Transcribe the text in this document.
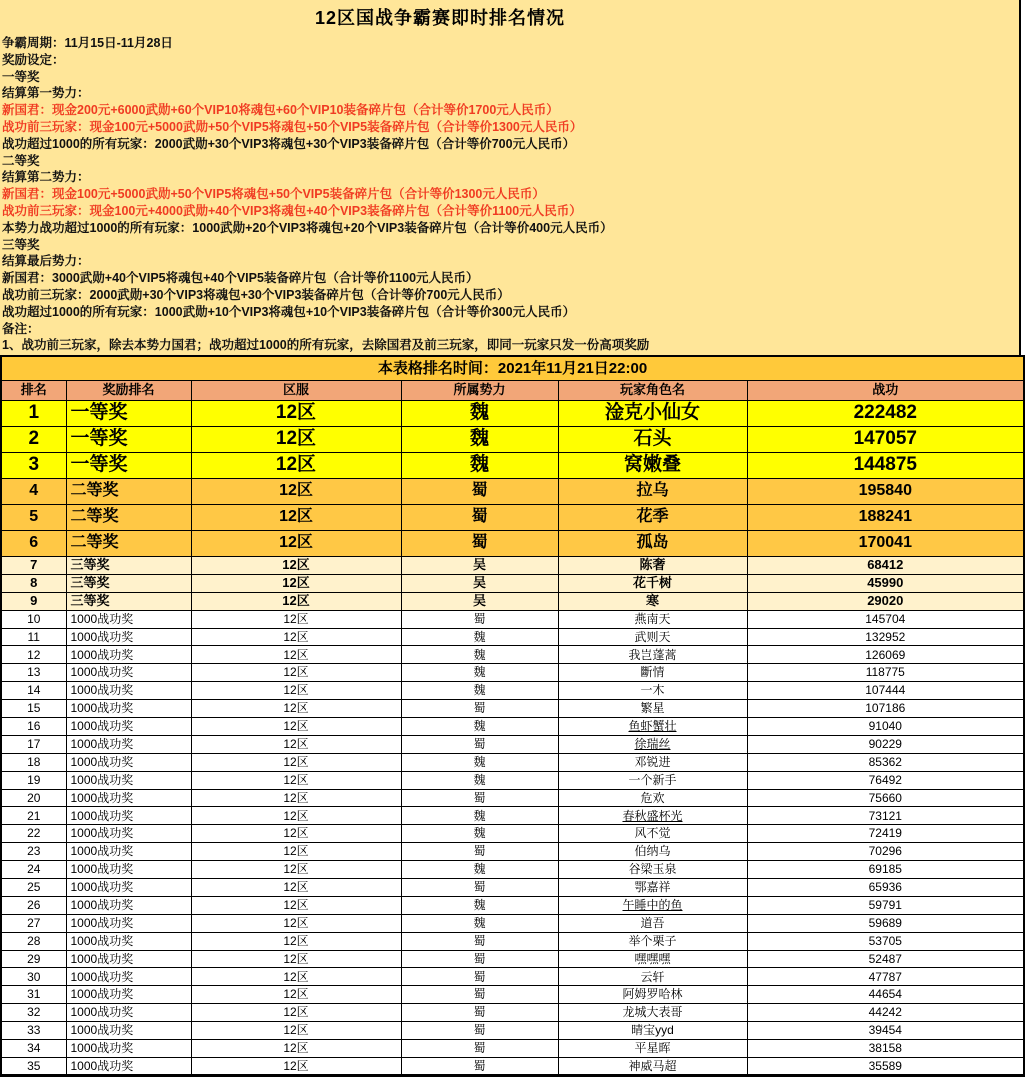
12区国战争霸赛即时排名情况
争霸周期：11月15日-11月28日
奖励设定：
一等奖
结算第一势力：
新国君：现金200元+6000武勋+60个VIP10将魂包+60个VIP10装备碎片包（合计等价1700元人民币）
战功前三玩家：现金100元+5000武勋+50个VIP5将魂包+50个VIP5装备碎片包（合计等价1300元人民币）
战功超过1000的所有玩家：2000武勋+30个VIP3将魂包+30个VIP3装备碎片包（合计等价700元人民币）
二等奖
结算第二势力：
新国君：现金100元+5000武勋+50个VIP5将魂包+50个VIP5装备碎片包（合计等价1300元人民币）
战功前三玩家：现金100元+4000武勋+40个VIP3将魂包+40个VIP3装备碎片包（合计等价1100元人民币）
本势力战功超过1000的所有玩家：1000武勋+20个VIP3将魂包+20个VIP3装备碎片包（合计等价400元人民币）
三等奖
结算最后势力：
新国君：3000武勋+40个VIP5将魂包+40个VIP5装备碎片包（合计等价1100元人民币）
战功前三玩家：2000武勋+30个VIP3将魂包+30个VIP3装备碎片包（合计等价700元人民币）
战功超过1000的所有玩家：1000武勋+10个VIP3将魂包+10个VIP3装备碎片包（合计等价300元人民币）
备注：
1、战功前三玩家，除去本势力国君；战功超过1000的所有玩家，去除国君及前三玩家，即同一玩家只发一份高项奖励
本表格排名时间：2021年11月21日22:00					
排名	奖励排名	区服	所属势力	玩家角色名	战功
1	一等奖	12区	魏	淦克小仙女	222482
2	一等奖	12区	魏	石头	147057
3	一等奖	12区	魏	窝嫩叠	144875
4	二等奖	12区	蜀	拉乌	195840
5	二等奖	12区	蜀	花季	188241
6	二等奖	12区	蜀	孤岛	170041
7	三等奖	12区	吴	陈奢	68412
8	三等奖	12区	吴	花千树	45990
9	三等奖	12区	吴	寒	29020
10	1000战功奖	12区	蜀	燕南天	145704
11	1000战功奖	12区	魏	武则天	132952
12	1000战功奖	12区	魏	我岂蓬蒿	126069
13	1000战功奖	12区	魏	斷情	118775
14	1000战功奖	12区	魏	一木	107444
15	1000战功奖	12区	蜀	繁星	107186
16	1000战功奖	12区	魏	鱼虾蟹壮	91040
17	1000战功奖	12区	蜀	徐瑞丝	90229
18	1000战功奖	12区	魏	邓锐进	85362
19	1000战功奖	12区	魏	一个新手	76492
20	1000战功奖	12区	蜀	危欢	75660
21	1000战功奖	12区	魏	春秋盛杯光	73121
22	1000战功奖	12区	魏	风不觉	72419
23	1000战功奖	12区	蜀	伯纳乌	70296
24	1000战功奖	12区	魏	谷梁玉泉	69185
25	1000战功奖	12区	蜀	鄂嘉祥	65936
26	1000战功奖	12区	魏	午睡中的鱼	59791
27	1000战功奖	12区	魏	道吾	59689
28	1000战功奖	12区	蜀	举个栗子	53705
29	1000战功奖	12区	蜀	嘿嘿嘿	52487
30	1000战功奖	12区	蜀	云轩	47787
31	1000战功奖	12区	蜀	阿姆罗哈林	44654
32	1000战功奖	12区	蜀	龙城大表哥	44242
33	1000战功奖	12区	蜀	晴宝yyd	39454
34	1000战功奖	12区	蜀	平星晖	38158
35	1000战功奖	12区	蜀	神威马超	35589
